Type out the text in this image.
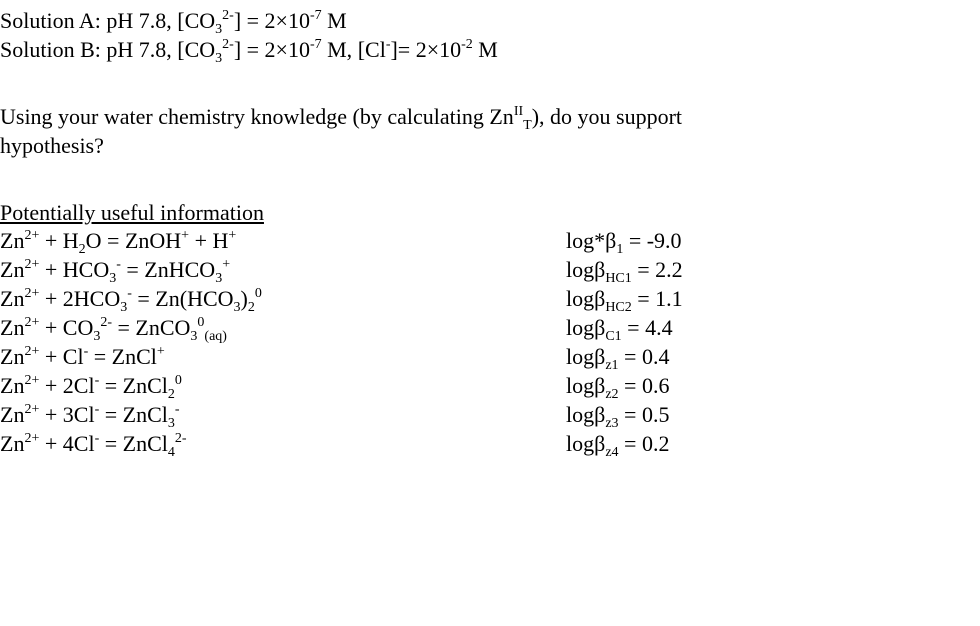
Solution A: pH 7.8, $[CO_3^{2-}] = 2\times 10^{-7}$ M
Solution B: pH 7.8, $[CO_3^{2-}] = 2\times 10^{-7}$ M, $[Cl^-]= 2\times 10^{-2}$ M
Using your water chemistry knowledge (by calculating $Zn^{II}_T$), do you support
hypothesis?
Potentially useful information
$Zn^{2+} + H_2O$ = ZnOH+ + H+	$\log*\beta_1 = -9.0$
$Zn^{2+} + HCO_3^-$ = ZnHCO$_3$+	logβ$_{HC1}$ = 2.2
$Zn^{2+} + 2HCO_3^- = Zn(HCO_3)_2^0$	logβ$_{HC2}$ = 1.1
$Zn^{2+} + CO_3^{2-}$ = ZnCO$_3^0_{(aq)}$	logβ$_{C1}$ = 4.4
$Zn^{2+} + Cl^-$ = ZnCl+	logβ$_{z1}$ = 0.4
$Zn^{2+} + 2Cl^-$ = ZnCl$_2^0$	logβ$_{z2}$ = 0.6
$Zn^{2+} + 3Cl^-$ = ZnCl$_3$-	logβ$_{z3}$ = 0.5
$Zn^{2+} + 4Cl^-$ = ZnCl$_4^{2-}$	logβ$_{z4}$ = 0.2
